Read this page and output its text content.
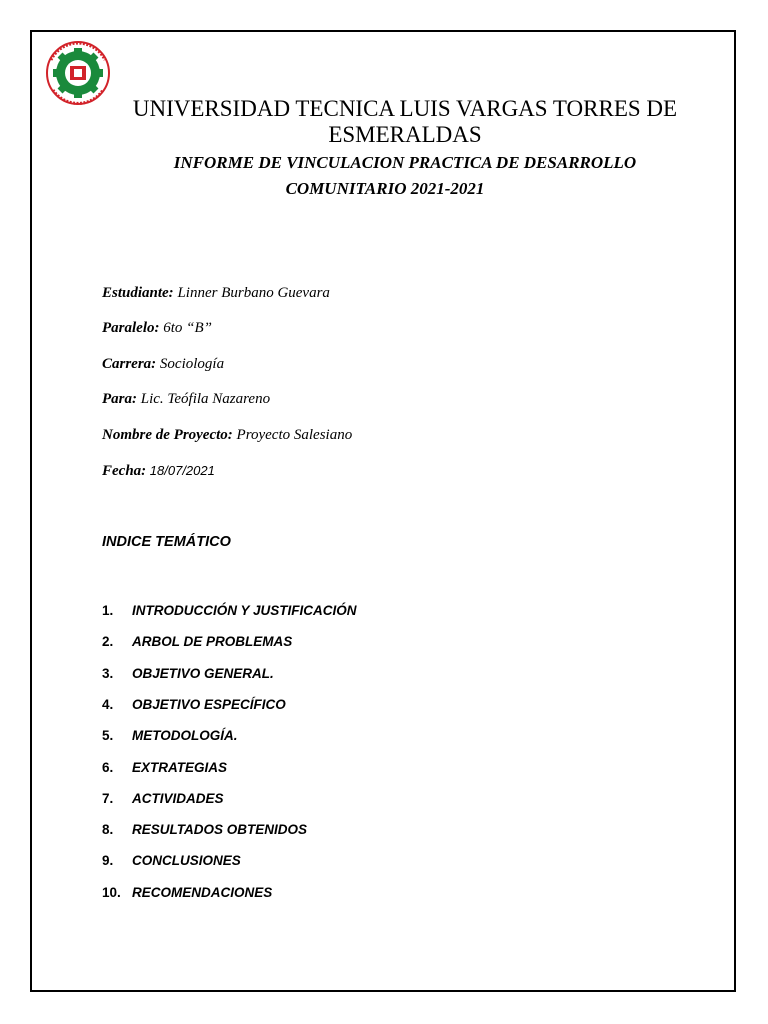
UNIVERSIDAD TECNICA LUIS VARGAS TORRES DE
ESMERALDAS
INFORME DE VINCULACION PRACTICA DE DESARROLLO
COMUNITARIO 2021-2021
Estudiante: Linner Burbano Guevara
Paralelo: 6to “B”
Carrera: Sociología
Para: Lic. Teófila Nazareno
Nombre de Proyecto: Proyecto Salesiano
Fecha: 18/07/2021
INDICE TEMÁTICO
1. INTRODUCCIÓN Y JUSTIFICACIÓN
2. ARBOL DE PROBLEMAS
3. OBJETIVO GENERAL.
4. OBJETIVO ESPECÍFICO
5. METODOLOGÍA.
6. EXTRATEGIAS
7. ACTIVIDADES
8. RESULTADOS OBTENIDOS
9. CONCLUSIONES
10. RECOMENDACIONES
